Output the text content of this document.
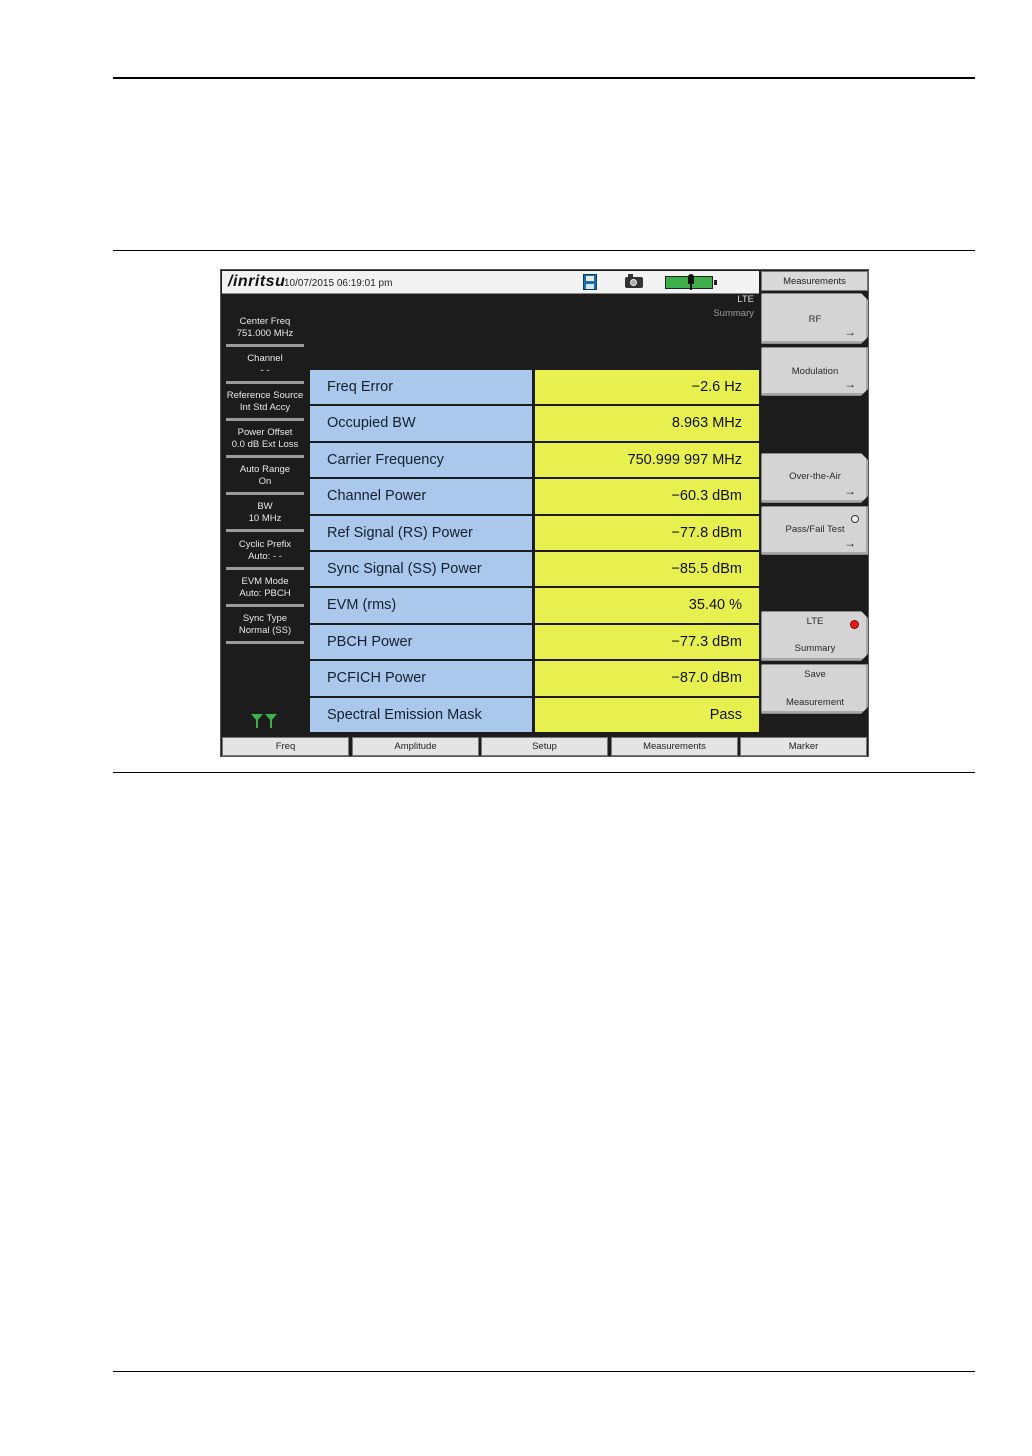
/inritsu
10/07/2015 06:19:01 pm
Center Freq
751.000 MHz
Channel
- -
Reference Source
Int Std Accy
Power Offset
0.0 dB Ext Loss
Auto Range
On
BW
10 MHz
Cyclic Prefix
Auto: - -
EVM Mode
Auto: PBCH
Sync Type
Normal (SS)
LTE
Summary
Freq Error	−2.6 Hz
Occupied BW	8.963 MHz
Carrier Frequency	750.999 997 MHz
Channel Power	−60.3 dBm
Ref Signal (RS) Power	−77.8 dBm
Sync Signal (SS) Power	−85.5 dBm
EVM (rms)	35.40 %
PBCH Power	−77.3 dBm
PCFICH Power	−87.0 dBm
Spectral Emission Mask	Pass
Measurements
RF
→
Modulation
→
Over-the-Air
→
Pass/Fail Test
→
LTE
Summary
Save
Measurement
Freq	Amplitude	Setup	Measurements	Marker
